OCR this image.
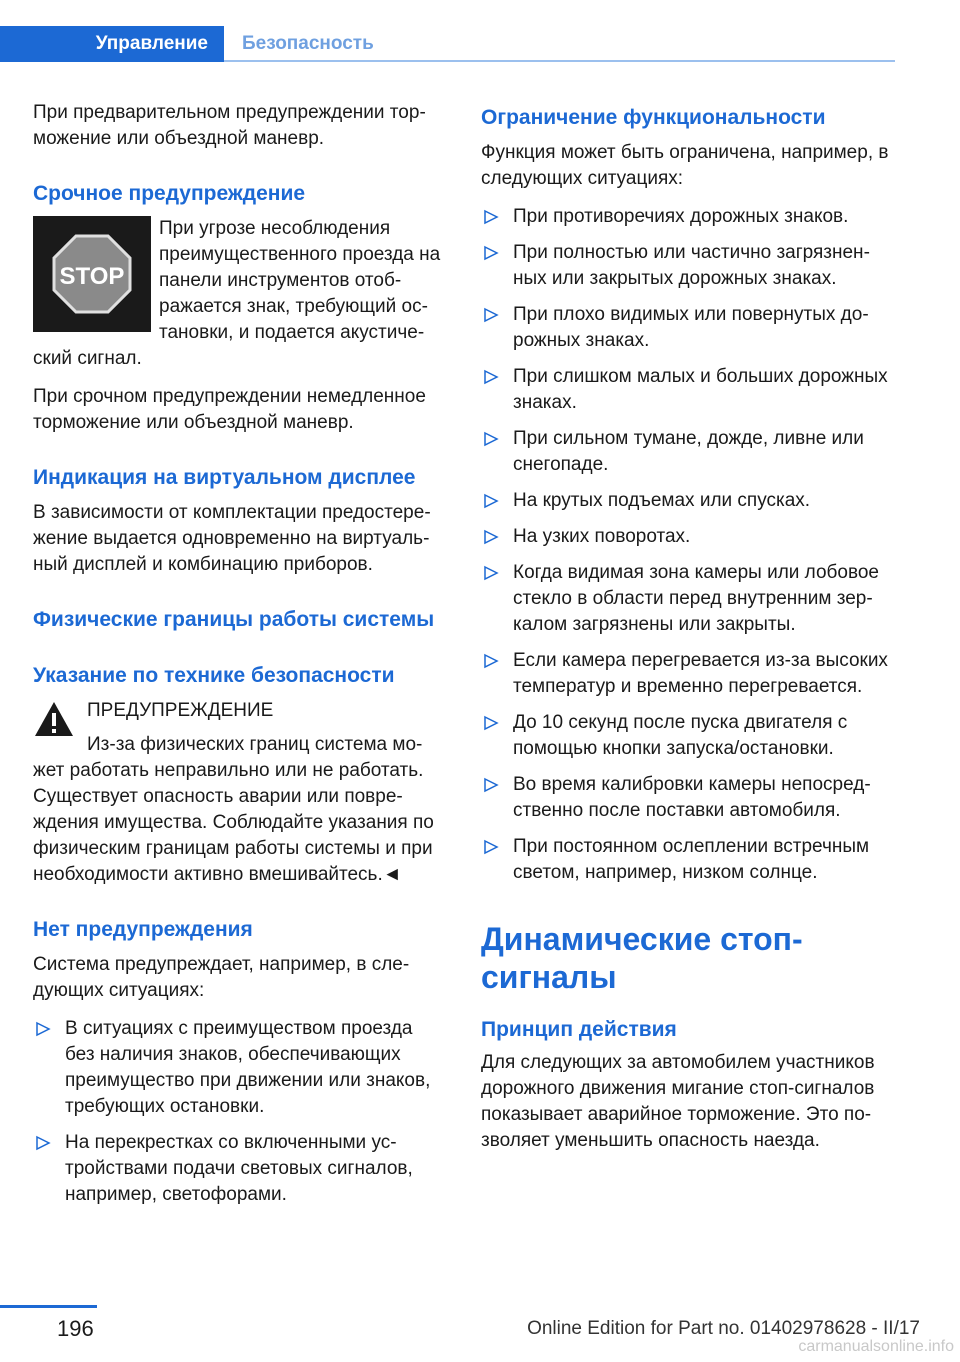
Управление	Безопасность

При предварительном предупреждении торможение или объездной маневр.

Срочное предупреждение
STOP

При угрозе несоблюдения преимущественного проезда на панели инструментов отображается знак, требующий остановки, и подается акустический сигнал.

При срочном предупреждении немедленное торможение или объездной маневр.

Индикация на виртуальном дисплее

В зависимости от комплектации предостережение выдается одновременно на виртуальный дисплей и комбинацию приборов.

Физические границы работы системы
Указание по технике безопасности
ПРЕДУПРЕЖДЕНИЕ

Из-за физических границ система может работать неправильно или не работать. Существует опасность аварии или повреждения имущества. Соблюдайте указания по физическим границам работы системы и при необходимости активно вмешивайтесь.◄

Нет предупреждения

Система предупреждает, например, в следующих ситуациях:

В ситуациях с преимуществом проезда без наличия знаков, обеспечивающих преимущество при движении или знаков, требующих остановки.
На перекрестках со включенными устройствами подачи световых сигналов, например, светофорами.
Ограничение функциональности

Функция может быть ограничена, например, в следующих ситуациях:

При противоречиях дорожных знаков.
При полностью или частично загрязненных или закрытых дорожных знаках.
При плохо видимых или повернутых дорожных знаках.
При слишком малых и больших дорожных знаках.
При сильном тумане, дожде, ливне или снегопаде.
На крутых подъемах или спусках.
На узких поворотах.
Когда видимая зона камеры или лобовое стекло в области перед внутренним зеркалом загрязнены или закрыты.
Если камера перегревается из-за высоких температур и временно перегревается.
До 10 секунд после пуска двигателя с помощью кнопки запуска/остановки.
Во время калибровки камеры непосредственно после поставки автомобиля.
При постоянном ослеплении встречным светом, например, низком солнце.
Динамические стоп-сигналы
Принцип действия

Для следующих за автомобилем участников дорожного движения мигание стоп-сигналов показывает аварийное торможение. Это позволяет уменьшить опасность наезда.

196	Online Edition for Part no. 01402978628 - II/17
carmanualsonline.info
